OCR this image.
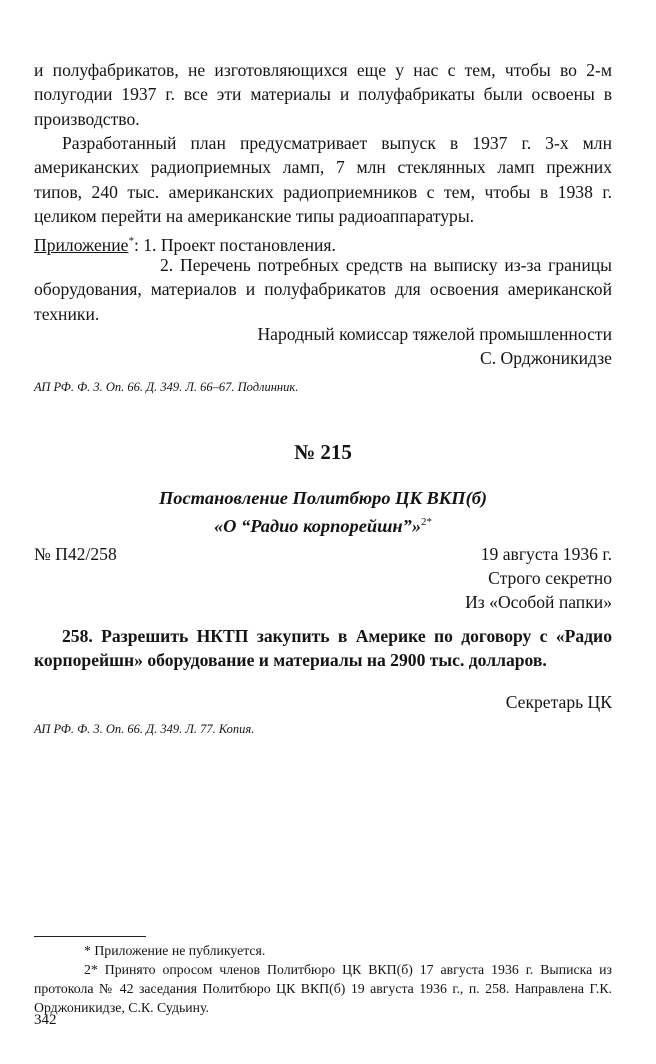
и полуфабрикатов, не изготовляющихся еще у нас с тем, чтобы во 2-м полугодии 1937 г. все эти материалы и полуфабрикаты были освоены в производство.

Разработанный план предусматривает выпуск в 1937 г. 3-х млн американских радиоприемных ламп, 7 млн стеклянных ламп прежних типов, 240 тыс. американских радиоприемников с тем, чтобы в 1938 г. целиком перейти на американские типы радиоаппаратуры.

Приложение*: 1. Проект постановления.

2. Перечень потребных средств на выписку из-за границы оборудования, материалов и полуфабрикатов для освоения американской техники.

Народный комиссар тяжелой промышленности

С. Орджоникидзе

АП РФ. Ф. 3. Оп. 66. Д. 349. Л. 66–67. Подлинник.

№ 215
Постановление Политбюро ЦК ВКП(б)
«О “Радио корпорейшн”»$^{2*}$
№ П42/258	19 августа 1936 г.

Строго секретно

Из «Особой папки»

258. Разрешить НКТП закупить в Америке по договору с «Радио корпорейшн» оборудование и материалы на 2900 тыс. долларов.

Секретарь ЦК

АП РФ. Ф. 3. Оп. 66. Д. 349. Л. 77. Копия.

* Приложение не публикуется.

2* Принято опросом членов Политбюро ЦК ВКП(б) 17 августа 1936 г. Выписка из протокола № 42 заседания Политбюро ЦК ВКП(б) 19 августа 1936 г., п. 258. Направлена Г.К. Орджоникидзе, С.К. Судьину.

342
